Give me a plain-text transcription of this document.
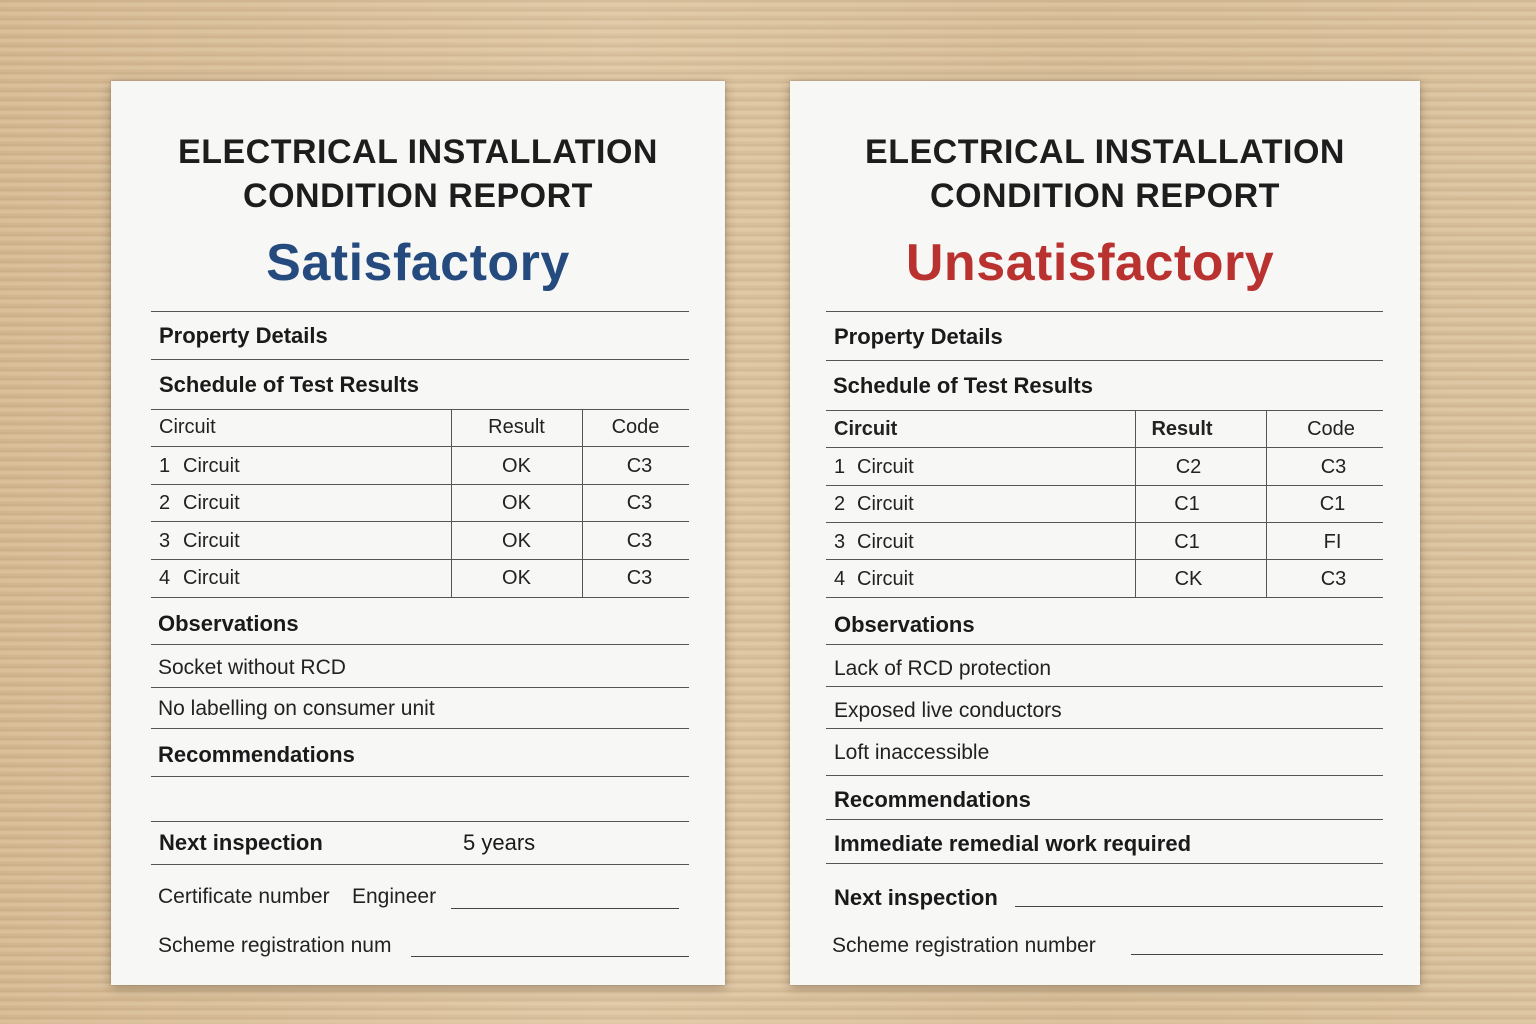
ELECTRICAL INSTALLATION
CONDITION REPORT
Satisfactory
Property Details
Schedule of Test Results
Circuit	Result	Code
1 Circuit	OK	C3
2 Circuit	OK	C3
3 Circuit	OK	C3
4 Circuit	OK	C3
Observations
Socket without RCD
No labelling on consumer unit
Recommendations
Next inspection	5 years
Certificate number Engineer
Scheme registration num
ELECTRICAL INSTALLATION
CONDITION REPORT
Unsatisfactory
Property Details
Schedule of Test Results
Circuit	Result	Code
1 Circuit	C2	C3
2 Circuit	C1	C1
3 Circuit	C1	FI
4 Circuit	CK	C3
Observations
Lack of RCD protection
Exposed live conductors
Loft inaccessible
Recommendations
Immediate remedial work required
Next inspection
Scheme registration number
